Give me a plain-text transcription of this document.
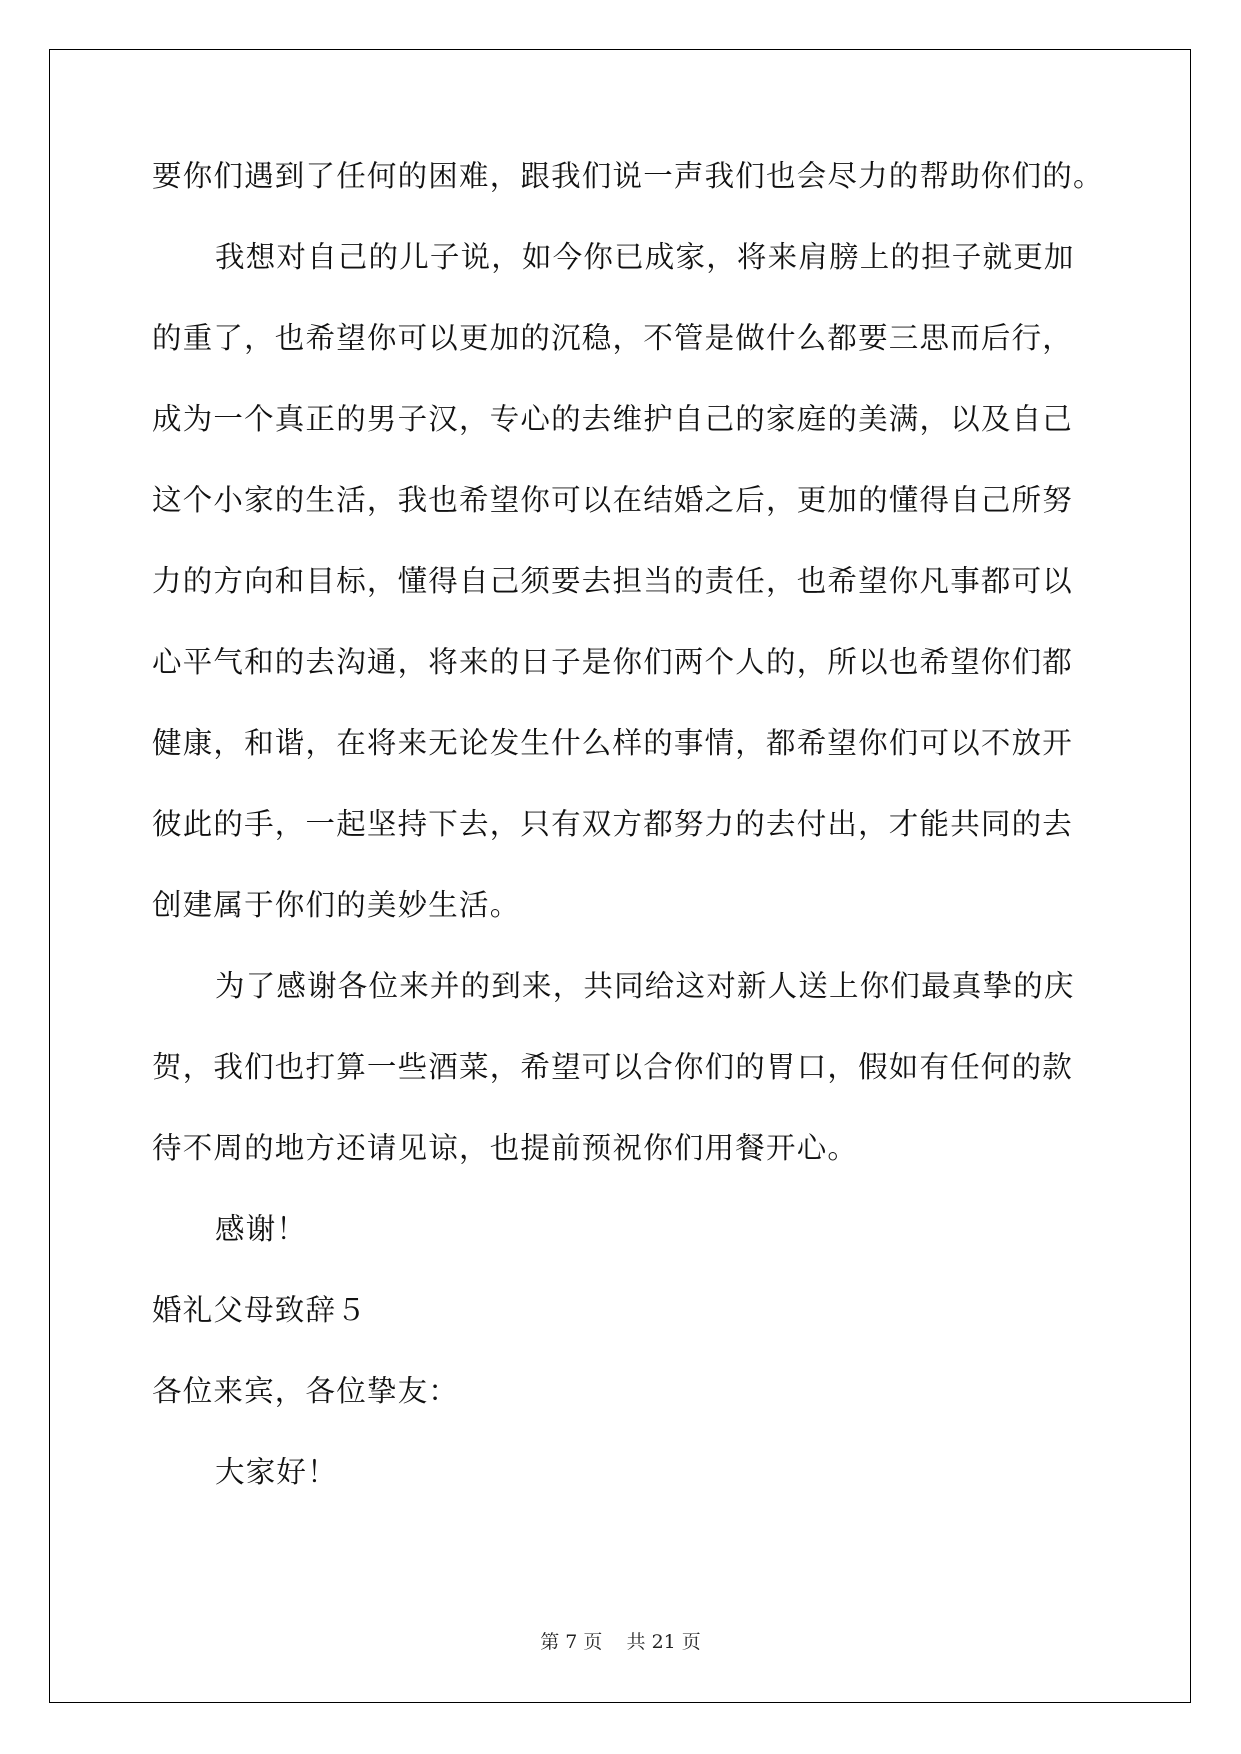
要你们遇到了任何的困难，跟我们说一声我们也会尽力的帮助你们的。
我想对自己的儿子说，如今你已成家，将来肩膀上的担子就更加
的重了，也希望你可以更加的沉稳，不管是做什么都要三思而后行，
成为一个真正的男子汉，专心的去维护自己的家庭的美满，以及自己
这个小家的生活，我也希望你可以在结婚之后，更加的懂得自己所努
力的方向和目标，懂得自己须要去担当的责任，也希望你凡事都可以
心平气和的去沟通，将来的日子是你们两个人的，所以也希望你们都
健康，和谐，在将来无论发生什么样的事情，都希望你们可以不放开
彼此的手，一起坚持下去，只有双方都努力的去付出，才能共同的去
创建属于你们的美妙生活。
为了感谢各位来并的到来，共同给这对新人送上你们最真挚的庆
贺，我们也打算一些酒菜，希望可以合你们的胃口，假如有任何的款
待不周的地方还请见谅，也提前预祝你们用餐开心。
感谢！
婚礼父母致辞５
各位来宾，各位挚友：
大家好！
第 7 页    共 21 页
